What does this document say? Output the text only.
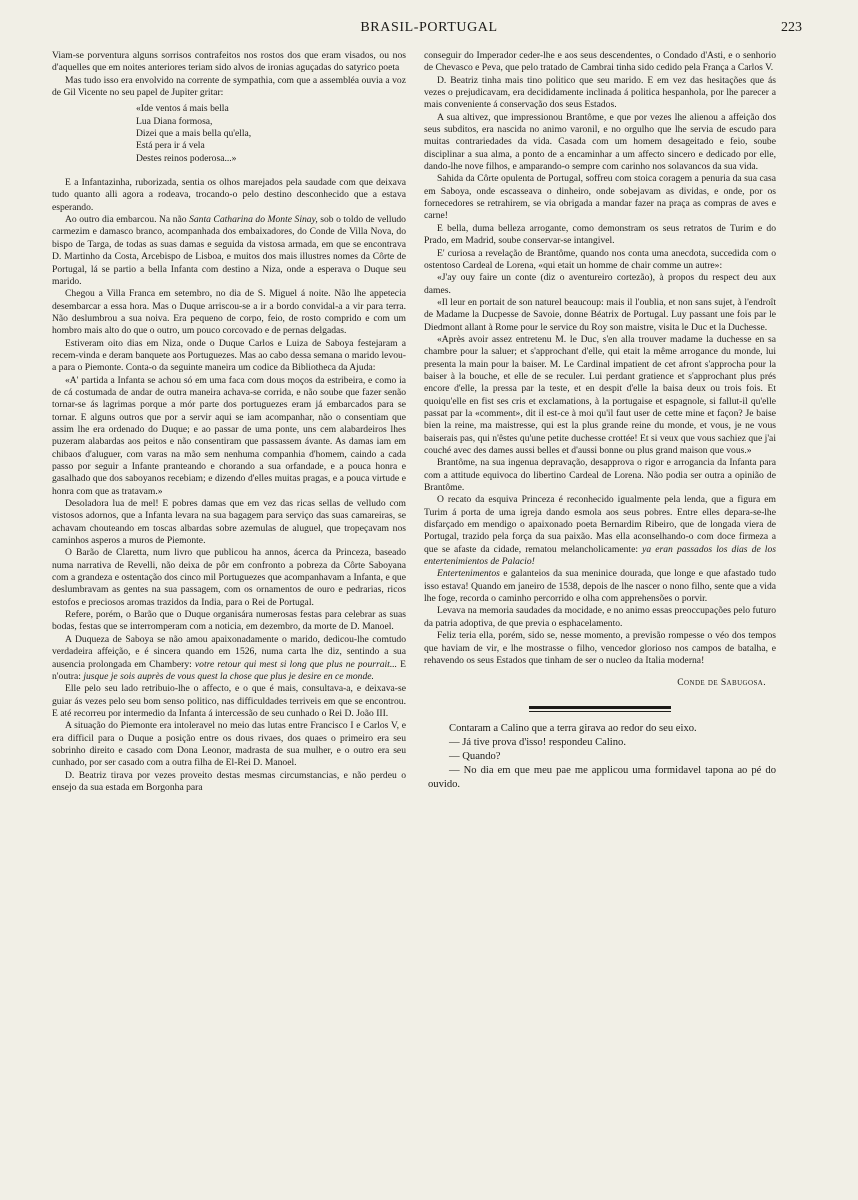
BRASIL-PORTUGAL	223

Viam-se porventura alguns sorrisos contrafeitos nos rostos dos que eram visados, ou nos d'aquelles que em noites anteriores teriam sido alvos de ironias aguçadas do satyrico poeta

Mas tudo isso era envolvido na corrente de sympathia, com que a assembléa ouvia a voz de Gil Vicente no seu papel de Jupiter gritar:

«Ide ventos á mais bella
Lua Diana formosa,
Dizei que a mais bella qu'ella,
Está pera ir á vela
Destes reinos poderosa...»

E a Infantazinha, ruborizada, sentia os olhos marejados pela saudade com que deixava tudo quanto alli agora a rodeava, trocando-o pelo destino desconhecido que a estava esperando.

Ao outro dia embarcou. Na não Santa Catharina do Monte Sinay, sob o toldo de velludo carmezim e damasco branco, acompanhada dos embaixadores, do Conde de Villa Nova, do bispo de Targa, de todas as suas damas e seguida da vistosa armada, em que se encontrava D. Martinho da Costa, Arcebispo de Lisboa, e muitos dos mais illustres nomes da Côrte de Portugal, lá se partio a bella Infanta com destino a Niza, onde a esperava o Duque seu marido.

Chegou a Villa Franca em setembro, no dia de S. Miguel á noite. Não lhe appetecia desembarcar a essa hora. Mas o Duque arriscou-se a ir a bordo convidal-a a vir para terra. Não deslumbrou a sua noiva. Era pequeno de corpo, feio, de rosto comprido e com um hombro mais alto do que o outro, um pouco corcovado e de pernas delgadas.

Estiveram oito dias em Niza, onde o Duque Carlos e Luiza de Saboya festejaram a recem-vinda e deram banquete aos Portuguezes. Mas ao cabo dessa semana o marido levou-a para o Piemonte. Conta-o da seguinte maneira um codice da Bibliotheca da Ajuda:

«A' partida a Infanta se achou só em uma faca com dous moços da estribeira, e como ia de cá costumada de andar de outra maneira achava-se corrida, e não soube que fazer senão tornar-se ás lagrimas porque a mór parte dos portuguezes eram já embarcados para se tornar. E alguns outros que por a servir aqui se iam acompanhar, não o consentiam que assim lhe era ordenado do Duque; e ao passar de uma ponte, uns cem alabardeiros lhes puzeram alabardas aos peitos e não consentiram que passassem ávante. As damas iam em chibaos d'aluguer, com varas na mão sem nenhuma companhia d'homem, caindo a cada passo por seguir a Infante pranteando e chorando a sua orfandade, e a pouca honra e gasalhado que dos saboyanos recebiam; e dizendo d'elles muitas pragas, e a pouca virtude e honra com que as tratavam.»

Desoladora lua de mel! E pobres damas que em vez das ricas sellas de velludo com vistosos adornos, que a Infanta levara na sua bagagem para serviço das suas camareiras, se achavam chouteando em toscas albardas sobre azemulas de aluguel, que tropeçavam nos caminhos asperos a muros de Piemonte.

O Barão de Claretta, num livro que publicou ha annos, ácerca da Princeza, baseado numa narrativa de Revelli, não deixa de pôr em confronto a pobreza da Côrte Saboyana com a grandeza e ostentação dos cinco mil Portuguezes que acompanhavam a Infanta, e que deslumbravam as gentes na sua passagem, com os ornamentos de ouro e pedrarias, ricos estofos e preciosos aromas trazidos da India, para o Rei de Portugal.

Refere, porém, o Barão que o Duque organisára numerosas festas para celebrar as suas bodas, festas que se interromperam com a noticia, em dezembro, da morte de D. Manoel.

A Duqueza de Saboya se não amou apaixonadamente o marido, dedicou-lhe comtudo verdadeira affeição, e é sincera quando em 1526, numa carta lhe diz, sentindo a sua ausencia prolongada em Chambery: votre retour qui mest si long que plus ne pourrait... E n'outra: jusque je sois auprès de vous quest la chose que plus je desire en ce monde.

Elle pelo seu lado retribuio-lhe o affecto, e o que é mais, consultava-a, e deixava-se guiar ás vezes pelo seu bom senso politico, nas difficuldades terriveis em que se encontrou. E até recorreu por intermedio da Infanta á intercessão de seu cunhado o Rei D. João III.

A situação do Piemonte era intoleravel no meio das lutas entre Francisco I e Carlos V, e era difficil para o Duque a posição entre os dous rivaes, dos quaes o primeiro era seu sobrinho direito e casado com Dona Leonor, madrasta de sua mulher, e o outro era seu cunhado, por ser casado com a outra filha de El-Rei D. Manoel.

D. Beatriz tirava por vezes proveito destas mesmas circumstancias, e não perdeu o ensejo da sua estada em Borgonha para

conseguir do Imperador ceder-lhe e aos seus descendentes, o Condado d'Asti, e o senhorio de Chevasco e Peva, que pelo tratado de Cambrai tinha sido cedido pela França a Carlos V.

D. Beatriz tinha mais tino politico que seu marido. E em vez das hesitações que ás vezes o prejudicavam, era decididamente inclinada á politica hespanhola, por lhe parecer a mais conveniente á conservação dos seus Estados.

A sua altivez, que impressionou Brantôme, e que por vezes lhe alienou a affeição dos seus subditos, era nascida no animo varonil, e no orgulho que lhe servia de escudo para muitas contrariedades da vida. Casada com um homem desageitado e feio, soube disciplinar a sua alma, a ponto de a encaminhar a um affecto sincero e dedicado por elle, dando-lhe nove filhos, e amparando-o sempre com carinho nos solavancos da sua vida.

Sahida da Côrte opulenta de Portugal, soffreu com stoica coragem a penuria da sua casa em Saboya, onde escasseava o dinheiro, onde sobejavam as dividas, e onde, por os fornecedores se retrahirem, se via obrigada a mandar fazer na praça as compras de aves e carne!

E bella, duma belleza arrogante, como demonstram os seus retratos de Turim e do Prado, em Madrid, soube conservar-se intangivel.

E' curiosa a revelação de Brantôme, quando nos conta uma anecdota, succedida com o ostentoso Cardeal de Lorena, «qui etait un homme de chair comme un autre»:

«J'ay ouy faire un conte (diz o aventureiro cortezão), à propos du respect deu aux dames.

«Il leur en portait de son naturel beaucoup: mais il l'oublia, et non sans sujet, à l'endroît de Madame la Ducpesse de Savoie, donne Béatrix de Portugal. Luy passant une fois par le Diedmont allant à Rome pour le service du Roy son maistre, visita le Duc et la Duchesse.

«Après avoir assez entretenu M. le Duc, s'en alla trouver madame la duchesse en sa chambre pour la saluer; et s'approchant d'elle, qui etait la même arrogance du monde, lui presenta la main pour la baiser. M. Le Cardinal impatient de cet afront s'approcha pour la baiser à la bouche, et elle de se reculer. Lui perdant gratience et s'approchant plus prés encore d'elle, la pressa par la teste, et en despit d'elle la baisa deux ou trois fois. Et quoiqu'elle en fist ses cris et exclamations, à la portugaise et espagnole, si fallut-il qu'elle passat par la «comment», dit il est-ce à moi qu'il faut user de cette mine et façon? Je baise bien la reine, ma maistresse, qui est la plus grande reine du monde, et vous, je ne vous baiserais pas, qui n'êstes qu'une petite duchesse crottée! Et si veux que vous sachiez que j'ai couché avec des dames aussi belles et d'aussi bonne ou plus grand maison que vous.»

Brantôme, na sua ingenua depravação, desapprova o rigor e arrogancia da Infanta para com a attitude equivoca do libertino Cardeal de Lorena. Não podia ser outra a opinião de Brantôme.

O recato da esquiva Princeza é reconhecido igualmente pela lenda, que a figura em Turim á porta de uma igreja dando esmola aos seus pobres. Entre elles depara-se-lhe disfarçado em mendigo o apaixonado poeta Bernardim Ribeiro, que de longada viera de Portugal, trazido pela força da sua paixão. Mas ella aconselhando-o com doce firmeza a que se afaste da cidade, rematou melancholicamente: ya eran passados los dias de los entertenimientos de Palacio!

Entertenimentos e galanteios da sua meninice dourada, que longe e que afastado tudo isso estava! Quando em janeiro de 1538, depois de lhe nascer o nono filho, sente que a vida lhe foge, recorda o caminho percorrido e olha com apprehensões o porvir.

Levava na memoria saudades da mocidade, e no animo essas preoccupações pelo futuro da patria adoptiva, de que previa o esphacelamento.

Feliz teria ella, porém, sido se, nesse momento, a previsão rompesse o véo dos tempos que haviam de vir, e lhe mostrasse o filho, vencedor glorioso nos campos de batalha, e rehavendo os seus Estados que tinham de ser o nucleo da Italia moderna!

Conde de Sabugosa.

Contaram a Calino que a terra girava ao redor do seu eixo.

— Já tive prova d'isso! respondeu Calino.

— Quando?

— No dia em que meu pae me applicou uma formidavel tapona ao pé do ouvido.
